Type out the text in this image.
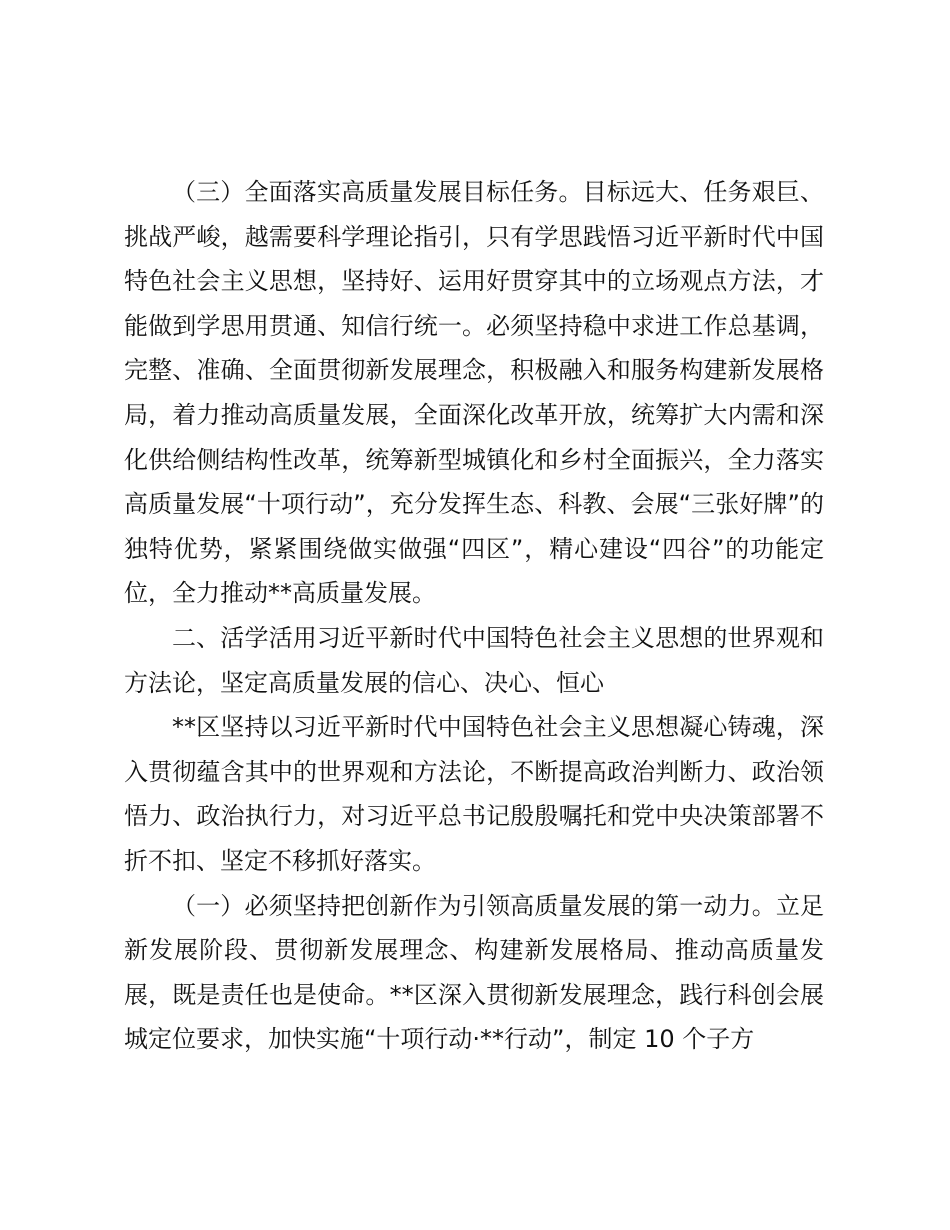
（三）全面落实高质量发展目标任务。目标远大、任务艰巨、挑战严峻，越需要科学理论指引，只有学思践悟习近平新时代中国特色社会主义思想，坚持好、运用好贯穿其中的立场观点方法，才能做到学思用贯通、知信行统一。必须坚持稳中求进工作总基调，完整、准确、全面贯彻新发展理念，积极融入和服务构建新发展格局，着力推动高质量发展，全面深化改革开放，统筹扩大内需和深化供给侧结构性改革，统筹新型城镇化和乡村全面振兴，全力落实高质量发展“十项行动”，充分发挥生态、科教、会展“三张好牌”的独特优势，紧紧围绕做实做强“四区”，精心建设“四谷”的功能定位，全力推动**高质量发展。

二、活学活用习近平新时代中国特色社会主义思想的世界观和方法论，坚定高质量发展的信心、决心、恒心

**区坚持以习近平新时代中国特色社会主义思想凝心铸魂，深入贯彻蕴含其中的世界观和方法论，不断提高政治判断力、政治领悟力、政治执行力，对习近平总书记殷殷嘱托和党中央决策部署不折不扣、坚定不移抓好落实。

（一）必须坚持把创新作为引领高质量发展的第一动力。立足新发展阶段、贯彻新发展理念、构建新发展格局、推动高质量发展，既是责任也是使命。**区深入贯彻新发展理念，践行科创会展城定位要求，加快实施“十项行动·**行动”，制定 10 个子方
